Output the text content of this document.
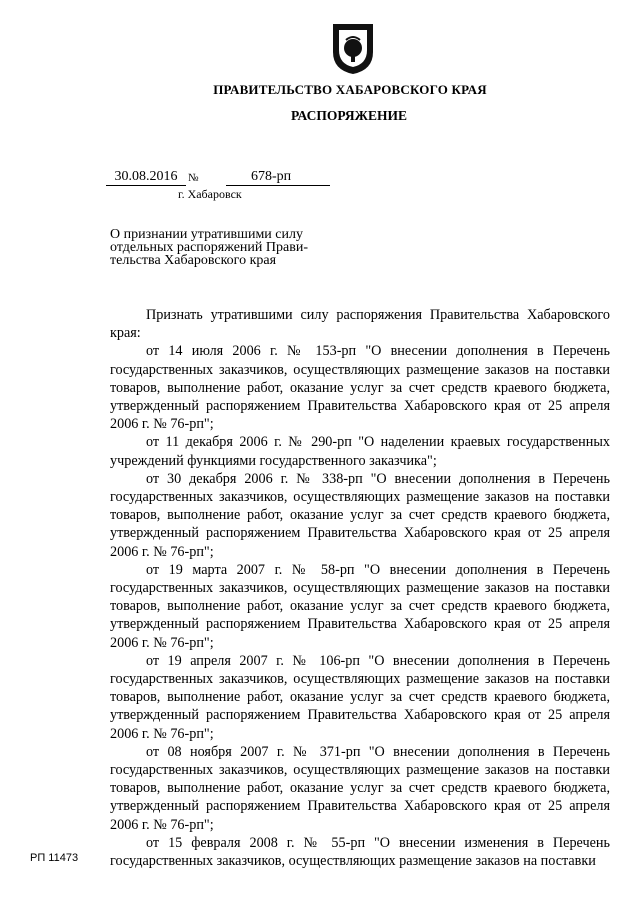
ПРАВИТЕЛЬСТВО ХАБАРОВСКОГО КРАЯ
РАСПОРЯЖЕНИЕ
30.08.2016 №	678-рп
г. Хабаровск
О признании утратившими силу
отдельных распоряжений Прави-
тельства Хабаровского края

Признать утратившими силу распоряжения Правительства Хабаровского края:

от 14 июля 2006 г. № 153-рп "О внесении дополнения в Перечень государственных заказчиков, осуществляющих размещение заказов на поставки товаров, выполнение работ, оказание услуг за счет средств краевого бюджета, утвержденный распоряжением Правительства Хабаровского края от 25 апреля 2006 г. № 76-рп";

от 11 декабря 2006 г. № 290-рп "О наделении краевых государственных учреждений функциями государственного заказчика";

от 30 декабря 2006 г. № 338-рп "О внесении дополнения в Перечень государственных заказчиков, осуществляющих размещение заказов на поставки товаров, выполнение работ, оказание услуг за счет средств краевого бюджета, утвержденный распоряжением Правительства Хабаровского края от 25 апреля 2006 г. № 76-рп";

от 19 марта 2007 г. № 58-рп "О внесении дополнения в Перечень государственных заказчиков, осуществляющих размещение заказов на поставки товаров, выполнение работ, оказание услуг за счет средств краевого бюджета, утвержденный распоряжением Правительства Хабаровского края от 25 апреля 2006 г. № 76-рп";

от 19 апреля 2007 г. № 106-рп "О внесении дополнения в Перечень государственных заказчиков, осуществляющих размещение заказов на поставки товаров, выполнение работ, оказание услуг за счет средств краевого бюджета, утвержденный распоряжением Правительства Хабаровского края от 25 апреля 2006 г. № 76-рп";

от 08 ноября 2007 г. № 371-рп "О внесении дополнения в Перечень государственных заказчиков, осуществляющих размещение заказов на поставки товаров, выполнение работ, оказание услуг за счет средств краевого бюджета, утвержденный распоряжением Правительства Хабаровского края от 25 апреля 2006 г. № 76-рп";

от 15 февраля 2008 г. № 55-рп "О внесении изменения в Перечень государственных заказчиков, осуществляющих размещение заказов на поставки

РП 11473
